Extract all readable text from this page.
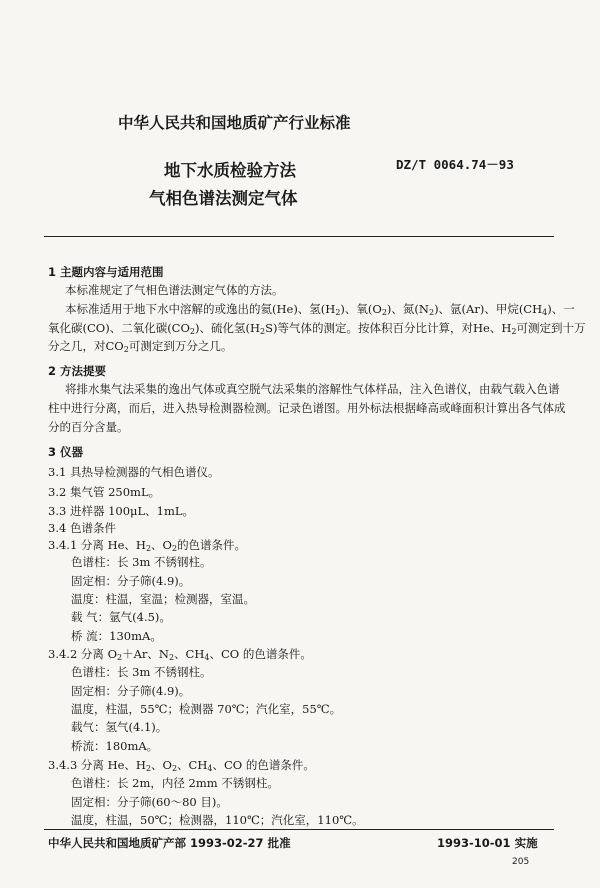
中华人民共和国地质矿产行业标准
地下水质检验方法
气相色谱法测定气体
DZ/T 0064.74－93
1 主题内容与适用范围
本标准规定了气相色谱法测定气体的方法。
本标准适用于地下水中溶解的或逸出的氦(He)、氢$(H_2)$、氧$(O_2)$、氮$(N_2)$、氩(Ar)、甲烷$(CH_4)$、一
氧化碳(CO)、二氧化碳$(CO_2)$、硫化氢$(H_2S)$等气体的测定。按体积百分比计算，对He、$H_2$可测定到十万
分之几，对$CO_2$可测定到万分之几。
2 方法提要
将排水集气法采集的逸出气体或真空脱气法采集的溶解性气体样品，注入色谱仪，由载气载入色谱
柱中进行分离，而后，进入热导检测器检测。记录色谱图。用外标法根据峰高或峰面积计算出各气体成
分的百分含量。
3 仪器
3.1 具热导检测器的气相色谱仪。
3.2 集气管 250mL。
3.3 进样器 100μL、1mL。
3.4 色谱条件
3.4.1 分离 He、$H_2$、$O_2$的色谱条件。
色谱柱：长 3m 不锈钢柱。
固定相：分子筛(4.9)。
温度：柱温，室温；检测器，室温。
载 气：氩气(4.5)。
桥 流：130mA。
3.4.2 分离 $O_2+Ar$、$N_2$、$CH_4$、CO 的色谱条件。
色谱柱：长 3m 不锈钢柱。
固定相：分子筛(4.9)。
温度，柱温，55℃；检测器 70℃；汽化室，55℃。
载气：氢气(4.1)。
桥流：180mA。
3.4.3 分离 He、$H_2$、$O_2$、$CH_4$、CO 的色谱条件。
色谱柱：长 2m，内径 2mm 不锈钢柱。
固定相：分子筛(60～80 目)。
温度，柱温，50℃；检测器，110℃；汽化室，110℃。
中华人民共和国地质矿产部 1993-02-27 批准	1993-10-01 实施
205
